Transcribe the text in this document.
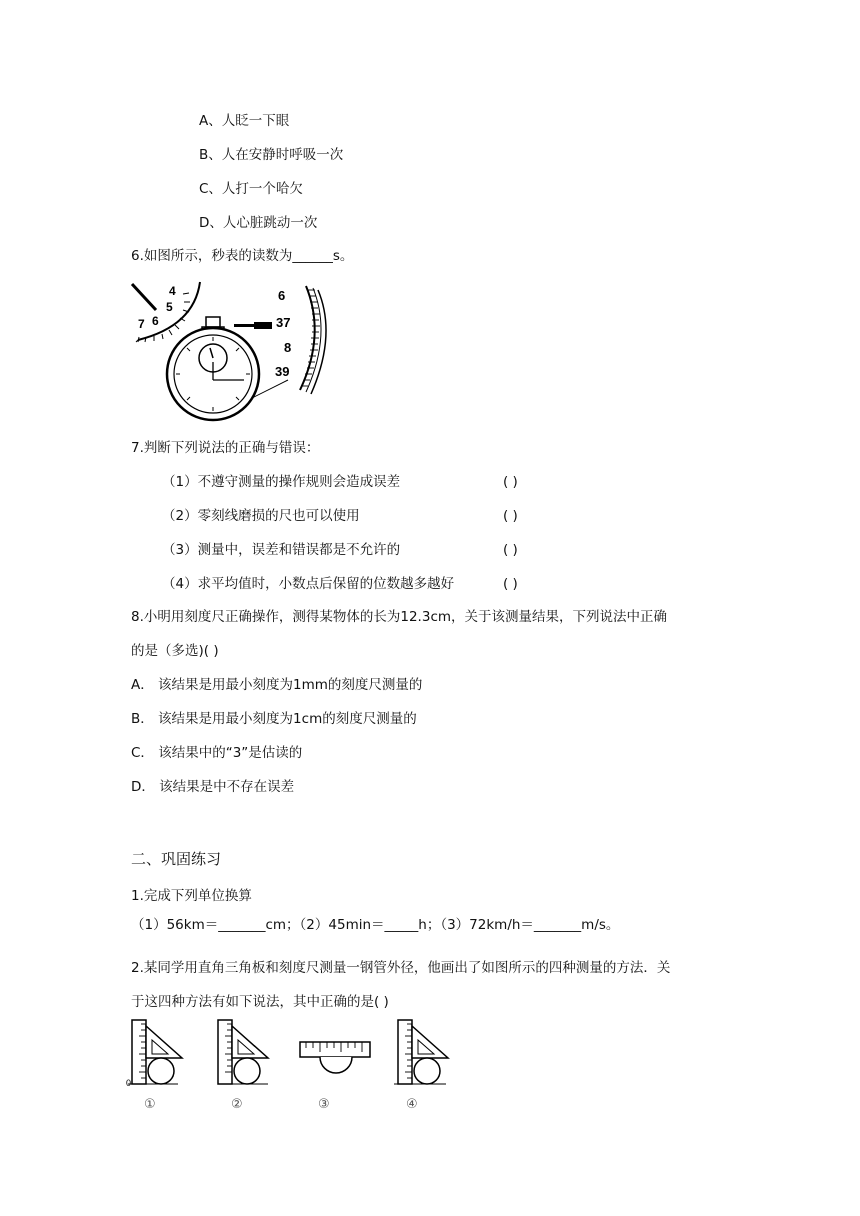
A、人眨一下眼
B、人在安静时呼吸一次
C、人打一个哈欠
D、人心脏跳动一次
6.如图所示，秒表的读数为______s。
4
5
6
7
6
37
8
39
7.判断下列说法的正确与错误：
（1）不遵守测量的操作规则会造成误差	( )
（2）零刻线磨损的尺也可以使用	( )
（3）测量中，误差和错误都是不允许的	( )
（4）求平均值时，小数点后保留的位数越多越好	( )
8.小明用刻度尺正确操作，测得某物体的长为12.3cm，关于该测量结果，下列说法中正确
的是（多选)( )
A． 该结果是用最小刻度为1mm的刻度尺测量的
B． 该结果是用最小刻度为1cm的刻度尺测量的
C． 该结果中的“3”是估读的
D． 该结果是中不存在误差
二、巩固练习
1.完成下列单位换算
（1）56km＝_______cm；（2）45min＝_____h；（3）72km/h＝_______m/s。
2.某同学用直角三角板和刻度尺测量一钢管外径，他画出了如图所示的四种测量的方法．关
于这四种方法有如下说法，其中正确的是( )
0
①	②	③	④
